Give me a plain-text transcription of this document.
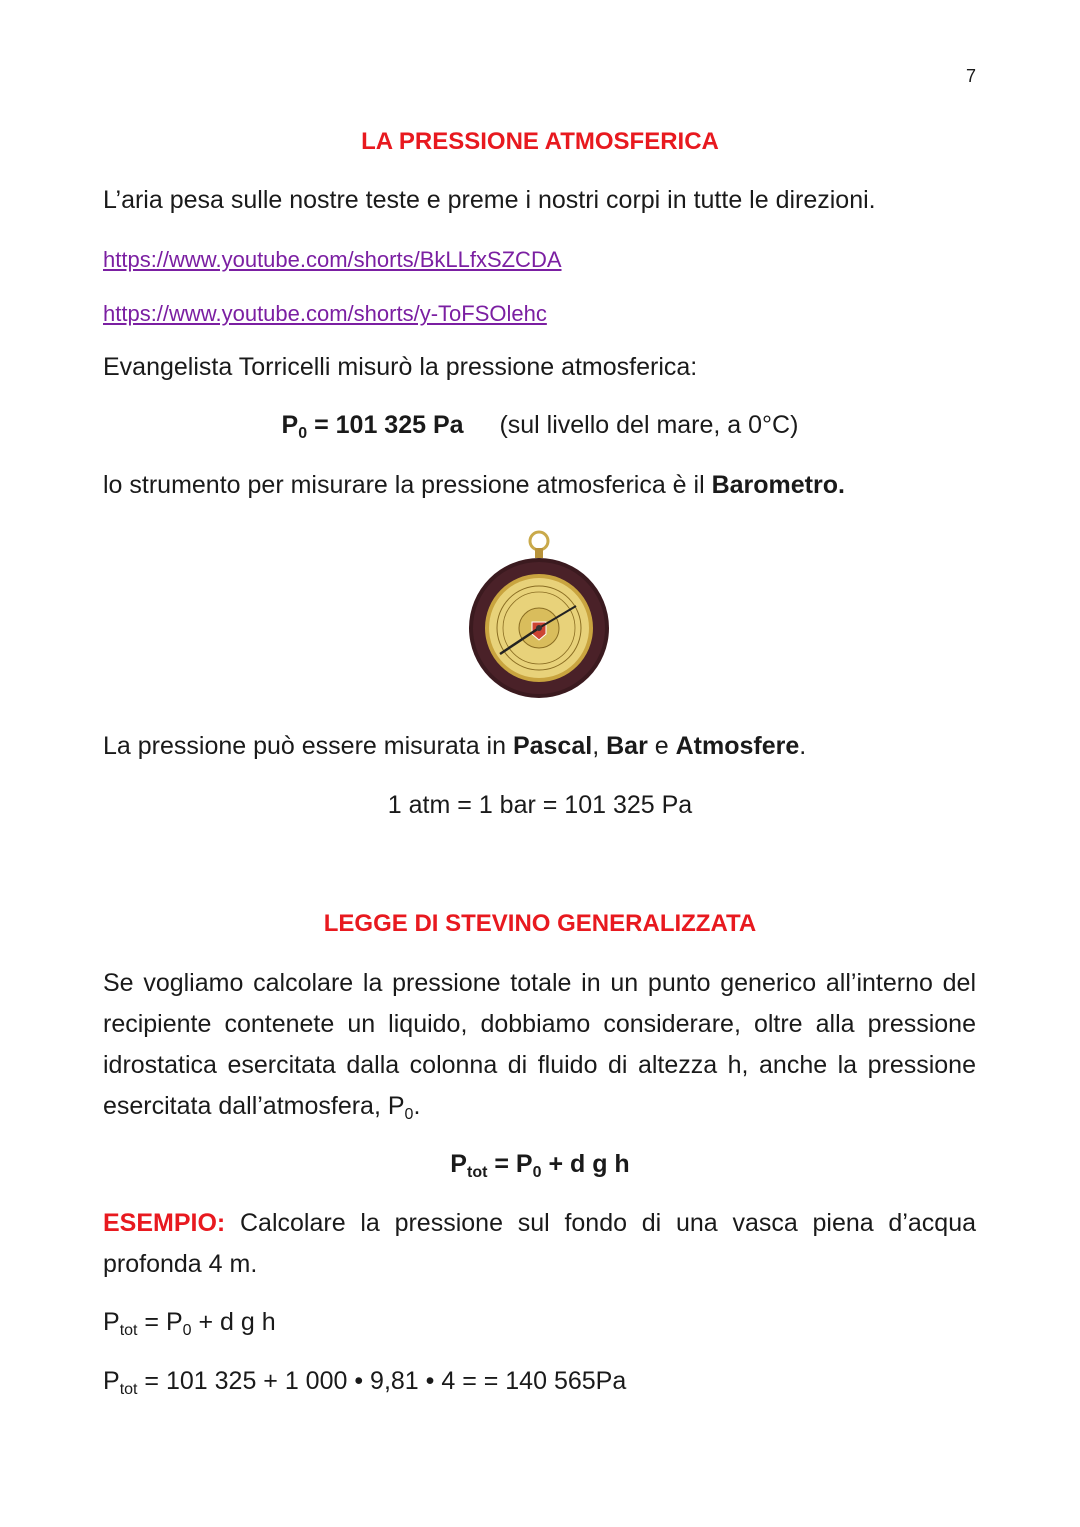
7
LA PRESSIONE ATMOSFERICA
L’aria pesa sulle nostre teste e preme i nostri corpi in tutte le direzioni.
https://www.youtube.com/shorts/BkLLfxSZCDA
https://www.youtube.com/shorts/y-ToFSOlehc
Evangelista Torricelli misurò la pressione atmosferica:
$P_0 = 101$ 325 Pa (sul livello del mare, a 0°C)
lo strumento per misurare la pressione atmosferica è il Barometro.
La pressione può essere misurata in Pascal, Bar e Atmosfere.
1 atm = 1 bar = 101 325 Pa
LEGGE DI STEVINO GENERALIZZATA
Se vogliamo calcolare la pressione totale in un punto generico all’interno del recipiente contenete un liquido, dobbiamo considerare, oltre alla pressione idrostatica esercitata dalla colonna di fluido di altezza h, anche la pressione esercitata dall’atmosfera, $P_0$.
$P_{tot} = P_0 + d$ g h
ESEMPIO: Calcolare la pressione sul fondo di una vasca piena d’acqua profonda 4 m.
$P_{tot} = P_0 + d$ g h
$P_{tot} = 101$ 325 + 1 000 • 9,81 • 4 = = 140 565Pa
